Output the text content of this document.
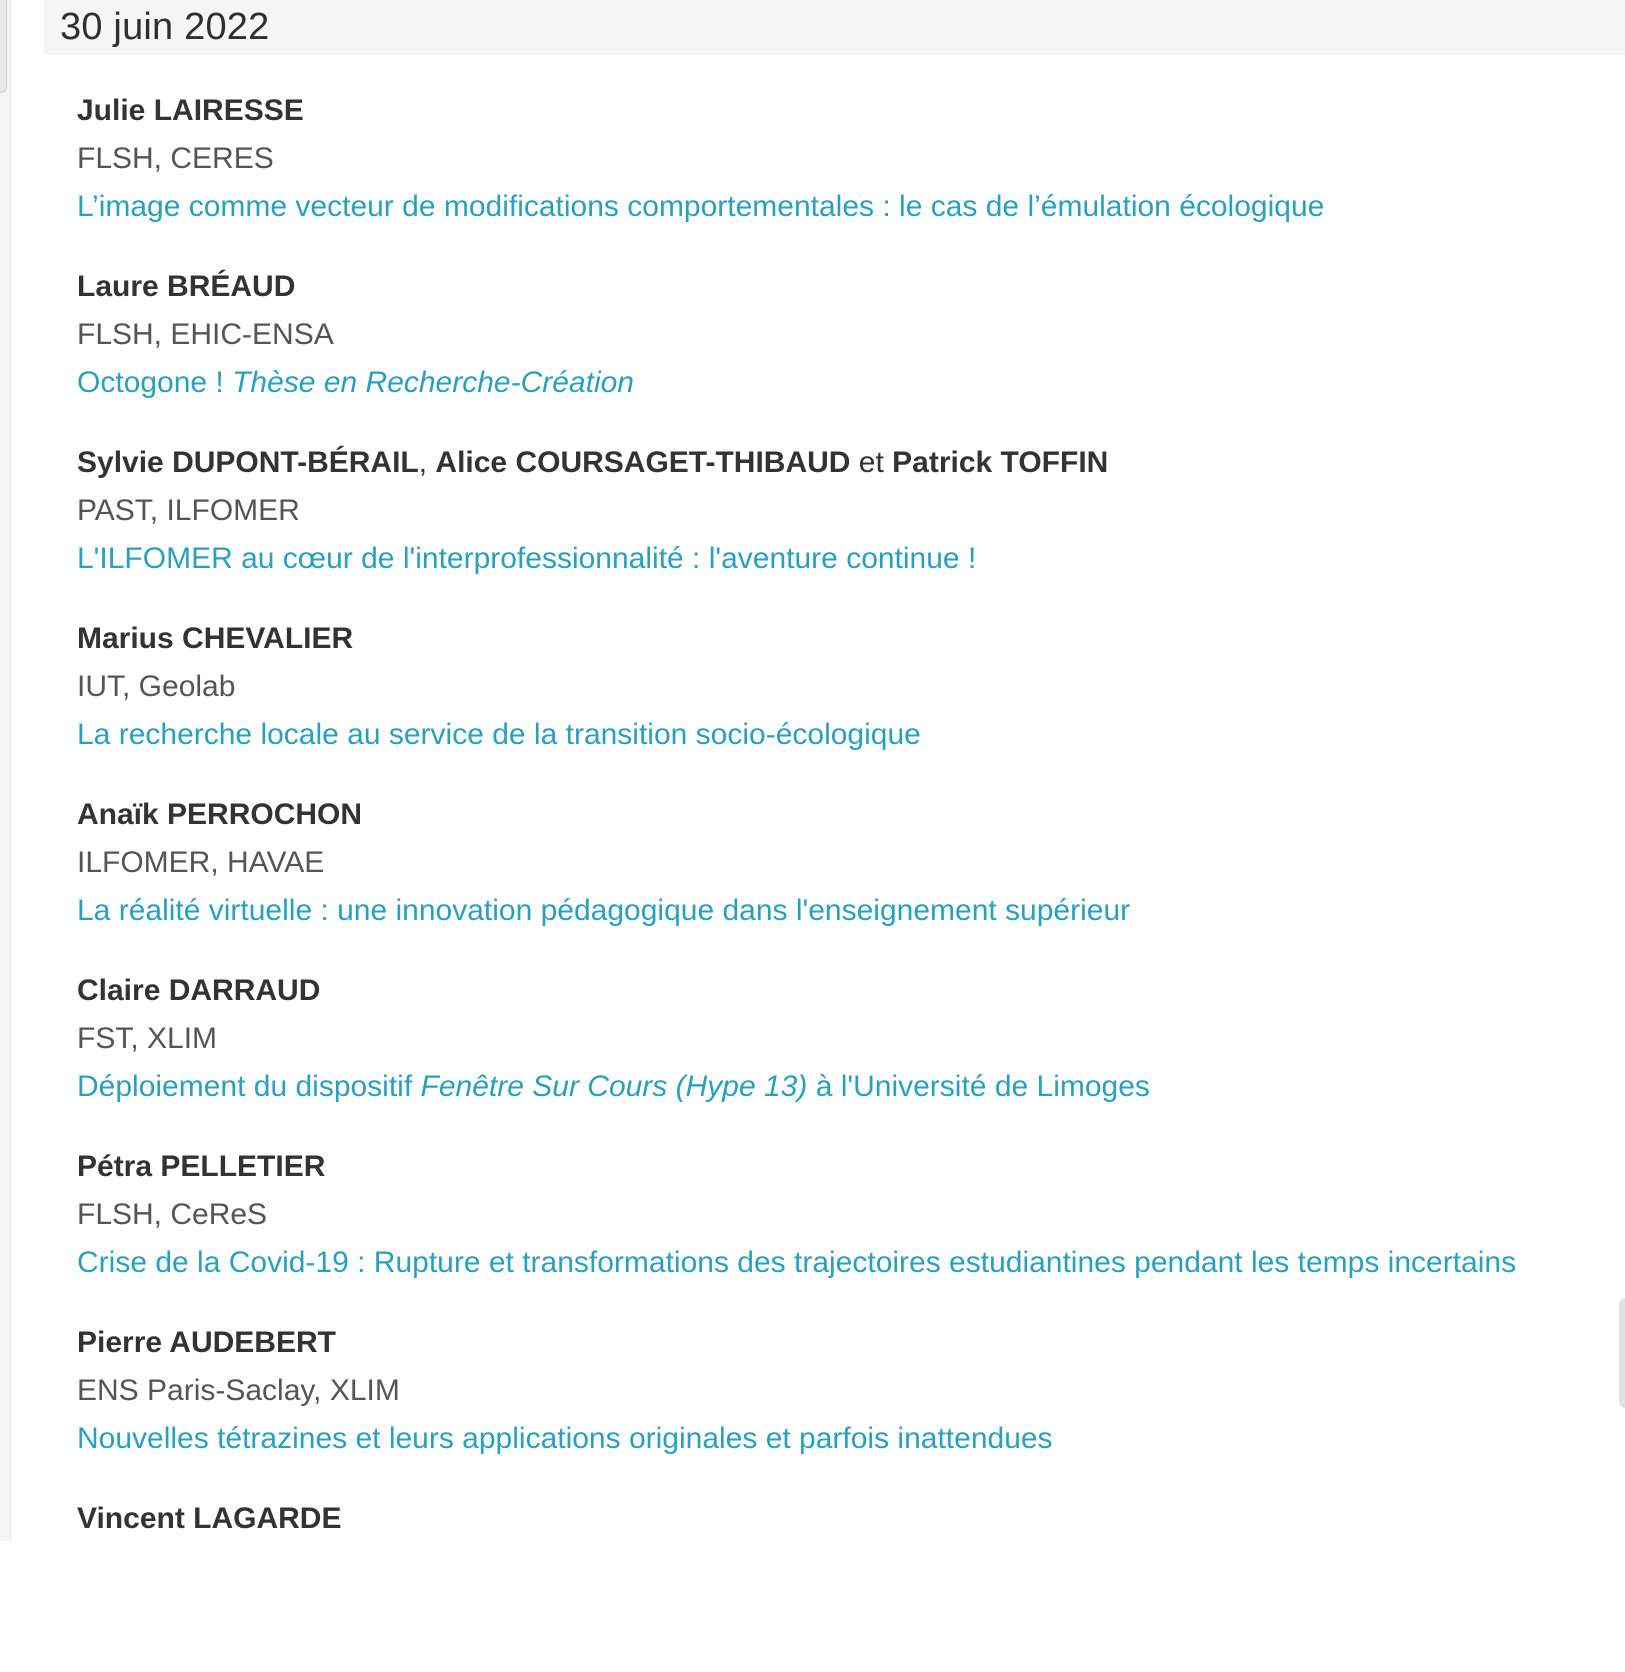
30 juin 2022
Julie LAIRESSE
FLSH, CERES
L’image comme vecteur de modifications comportementales : le cas de l’émulation écologique
Laure BRÉAUD
FLSH, EHIC-ENSA
Octogone ! Thèse en Recherche-Création
Sylvie DUPONT-BÉRAIL, Alice COURSAGET-THIBAUD et Patrick TOFFIN
PAST, ILFOMER
L'ILFOMER au cœur de l'interprofessionnalité : l'aventure continue !
Marius CHEVALIER
IUT, Geolab
La recherche locale au service de la transition socio-écologique
Anaïk PERROCHON
ILFOMER, HAVAE
La réalité virtuelle : une innovation pédagogique dans l'enseignement supérieur
Claire DARRAUD
FST, XLIM
Déploiement du dispositif Fenêtre Sur Cours (Hype 13) à l'Université de Limoges
Pétra PELLETIER
FLSH, CeReS
Crise de la Covid-19 : Rupture et transformations des trajectoires estudiantines pendant les temps incertains
Pierre AUDEBERT
ENS Paris-Saclay, XLIM
Nouvelles tétrazines et leurs applications originales et parfois inattendues
Vincent LAGARDE
